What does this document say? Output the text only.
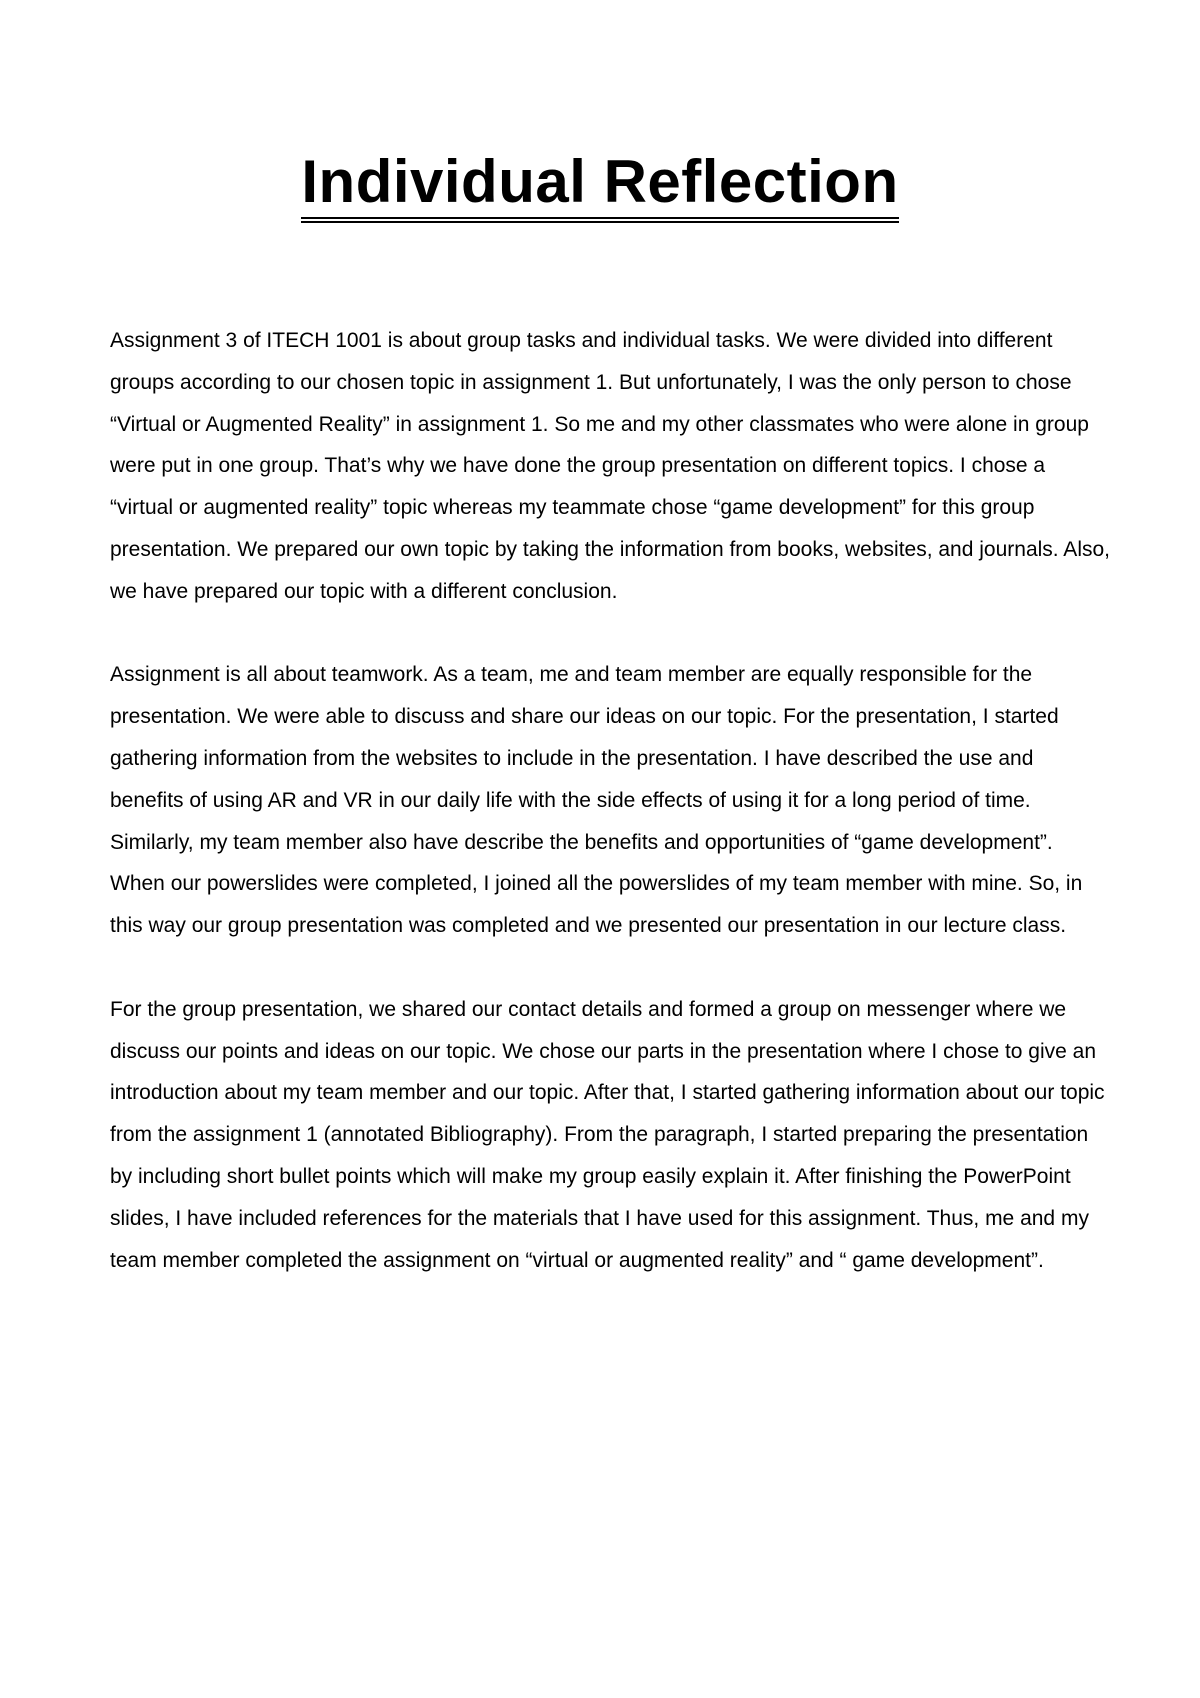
Individual Reflection

Assignment 3 of ITECH 1001 is about group tasks and individual tasks. We were divided into different groups according to our chosen topic in assignment 1. But unfortunately, I was the only person to chose “Virtual or Augmented Reality” in assignment 1. So me and my other classmates who were alone in group were put in one group. That’s why we have done the group presentation on different topics. I chose a “virtual or augmented reality” topic whereas my teammate chose “game development” for this group presentation. We prepared our own topic by taking the information from books, websites, and journals. Also, we have prepared our topic with a different conclusion.

Assignment is all about teamwork. As a team, me and team member are equally responsible for the presentation. We were able to discuss and share our ideas on our topic. For the presentation, I started gathering information from the websites to include in the presentation. I have described the use and benefits of using AR and VR in our daily life with the side effects of using it for a long period of time. Similarly, my team member also have describe the benefits and opportunities of “game development”. When our powerslides were completed, I joined all the powerslides of my team member with mine. So, in this way our group presentation was completed and we presented our presentation in our lecture class.

For the group presentation, we shared our contact details and formed a group on messenger where we discuss our points and ideas on our topic. We chose our parts in the presentation where I chose to give an introduction about my team member and our topic. After that, I started gathering information about our topic from the assignment 1 (annotated Bibliography). From the paragraph, I started preparing the presentation by including short bullet points which will make my group easily explain it. After finishing the PowerPoint slides, I have included references for the materials that I have used for this assignment. Thus, me and my team member completed the assignment on “virtual or augmented reality” and “ game development”.
